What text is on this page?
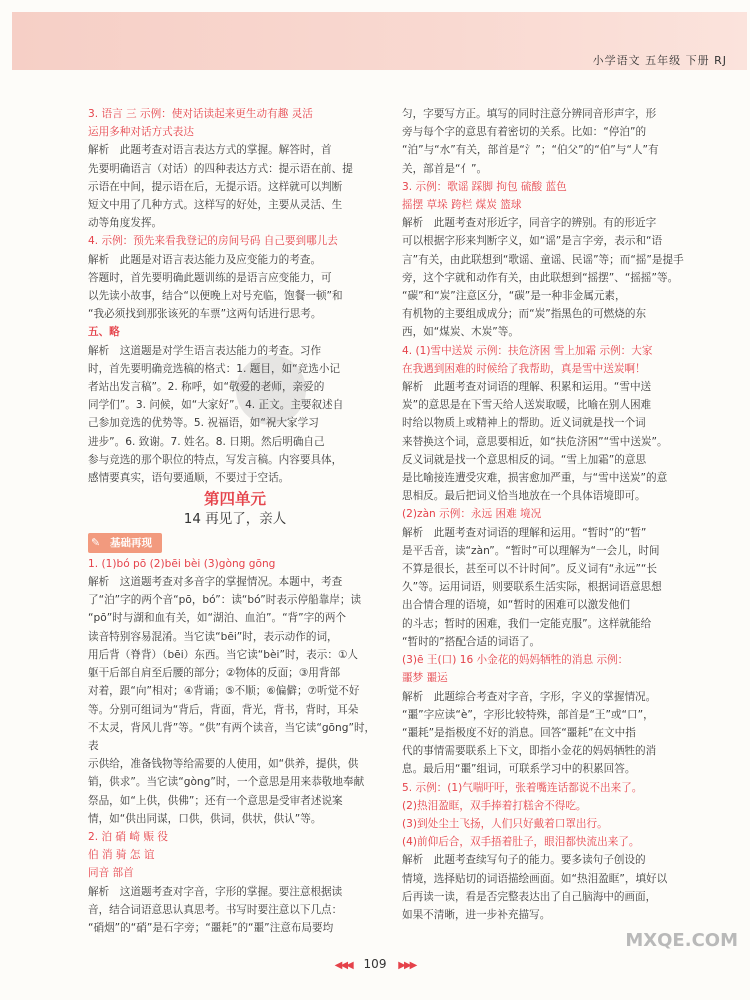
小学语文 五年级 下册 RJ

3. 语言 三 示例：使对话读起来更生动有趣 灵活

运用多种对话方式表达

解析　此题考查对语言表达方式的掌握。解答时，首

先要明确语言（对话）的四种表达方式：提示语在前、提

示语在中间，提示语在后，无提示语。这样就可以判断

短文中用了几种方式。这样写的好处，主要从灵活、生

动等角度发挥。

4. 示例：预先来看我登记的房间号码 自己要到哪儿去

解析　此题是对语言表达能力及应变能力的考查。

答题时，首先要明确此题训练的是语言应变能力，可

以先读小故事，结合“以便晚上对号充临，饱餐一顿”和

“我必须找到那张该死的车票”这两句话进行思考。

五、略

解析　这道题是对学生语言表达能力的考查。习作

时，首先要明确竞选稿的格式：1. 题目，如“竞选小记

者站出发言稿”。2. 称呼，如“敬爱的老师，亲爱的

同学们”。3. 问候，如“大家好”。4. 正文。主要叙述自

己参加竞选的优势等。5. 祝福语，如“祝大家学习

进步”。6. 致谢。7. 姓名。8. 日期。然后明确自己

参与竞选的那个职位的特点，写发言稿。内容要具体，

感情要真实，语句要通顺，不要过于空话。

第四单元
14 再见了，亲人
✎ 基础再现

1. (1)bó pō (2)bēi bèi (3)gòng gōng

解析　这道题考查对多音字的掌握情况。本题中，考查

了“泊”字的两个音“pō，bó”：读“bó”时表示停船靠岸；读

“pō”时与湖和血有关，如“湖泊、血泊”。“背”字的两个

读音特别容易混淆。当它读“bēi”时，表示动作的词，

用后背（脊背）（bēi）东西。当它读“bèi”时，表示：①人

躯干后部自肩至后腰的部分；②物体的反面；③用背部

对着，跟“向”相对；④背诵；⑤不顺；⑥偏僻；⑦听觉不好

等。分别可组词为“背后，背面，背光，背书，背时，耳朵

不太灵，背风儿背”等。“供”有两个读音，当它读“gōng”时，表

示供给，准备钱物等给需要的人使用，如“供养，提供，供

销，供求”。当它读“gòng”时，一个意思是用来恭敬地奉献

祭品，如“上供，供佛”；还有一个意思是受审者述说案

情，如“供出同谋，口供，供词，供状，供认”等。

2. 泊 硝 崎 赈 役

伯 消 骑 怎 谊

同音 部首

解析　这道题考查对字音，字形的掌握。要注意根据读

音，结合词语意思认真思考。书写时要注意以下几点：

“硝烟”的“硝”是石字旁；“噩耗”的“噩”注意布局要均

匀，字要写方正。填写的同时注意分辨同音形声字，形

旁与每个字的意思有着密切的关系。比如：“停泊”的

“泊”与“水”有关，部首是“氵”；“伯父”的“伯”与“人”有

关，部首是“亻”。

3. 示例：歌谣 踩脚 拘包 硫酸 蓝色

摇摆 草垛 跨栏 煤炭 篮球

解析　此题考查对形近字，同音字的辨别。有的形近字

可以根据字形来判断字义，如“谣”是言字旁，表示和“语

言”有关，由此联想到“歌谣、童谣、民谣”等；而“摇”是提手

旁，这个字就和动作有关，由此联想到“摇摆”、“摇摇”等。

“碳”和“炭”注意区分，“碳”是一种非金属元素，

有机物的主要组成成分；而“炭”指黑色的可燃烧的东

西，如“煤炭、木炭”等。

4. (1)雪中送炭 示例：扶危济困 雪上加霜 示例：大家

在我遇到困难的时候给了我帮助，真是雪中送炭啊！

解析　此题考查对词语的理解、积累和运用。“雪中送

炭”的意思是在下雪天给人送炭取暖，比喻在别人困难

时给以物质上或精神上的帮助。近义词就是找一个词

来替换这个词，意思要相近，如“扶危济困”“雪中送炭”。

反义词就是找一个意思相反的词。“雪上加霜”的意思

是比喻接连遭受灾难，损害愈加严重，与“雪中送炭”的意

思相反。最后把词义恰当地放在一个具体语境即可。

(2)zàn 示例：永远 困难 境况

解析　此题考查对词语的理解和运用。“暂时”的“暂”

是平舌音，读“zàn”。“暂时”可以理解为“一会儿，时间

不算是很长，甚至可以不计时间”。反义词有“永远”“长

久”等。运用词语，则要联系生活实际，根据词语意思想

出合情合理的语境，如“暂时的困难可以激发他们

的斗志；暂时的困难，我们一定能克服”。这样就能给

“暂时的”搭配合适的词语了。

(3)ē 王(口) 16 小金花的妈妈牺牲的消息 示例：

噩梦 噩运

解析　此题综合考查对字音，字形，字义的掌握情况。

“噩”字应读“è”，字形比较特殊，部首是“王”或“口”，

“噩耗”是指极度不好的消息。回答“噩耗”在文中指

代的事情需要联系上下文，即指小金花的妈妈牺牲的消

息。最后用“噩”组词，可联系学习中的积累回答。

5. 示例：(1)气喘吁吁，张着嘴连话都说不出来了。

(2)热泪盈眶，双手捧着打糕舍不得吃。

(3)到处尘土飞扬，人们只好戴着口罩出行。

(4)前仰后合，双手捂着肚子，眼泪都快流出来了。

解析　此题考查续写句子的能力。要多读句子创设的

情境，选择贴切的词语描绘画面。如“热泪盈眶”，填好以

后再读一读，看是否完整表达出了自己脑海中的画面，

如果不清晰，进一步补充描写。

◀◀◀ 109 ▶▶▶
MXQE.COM
